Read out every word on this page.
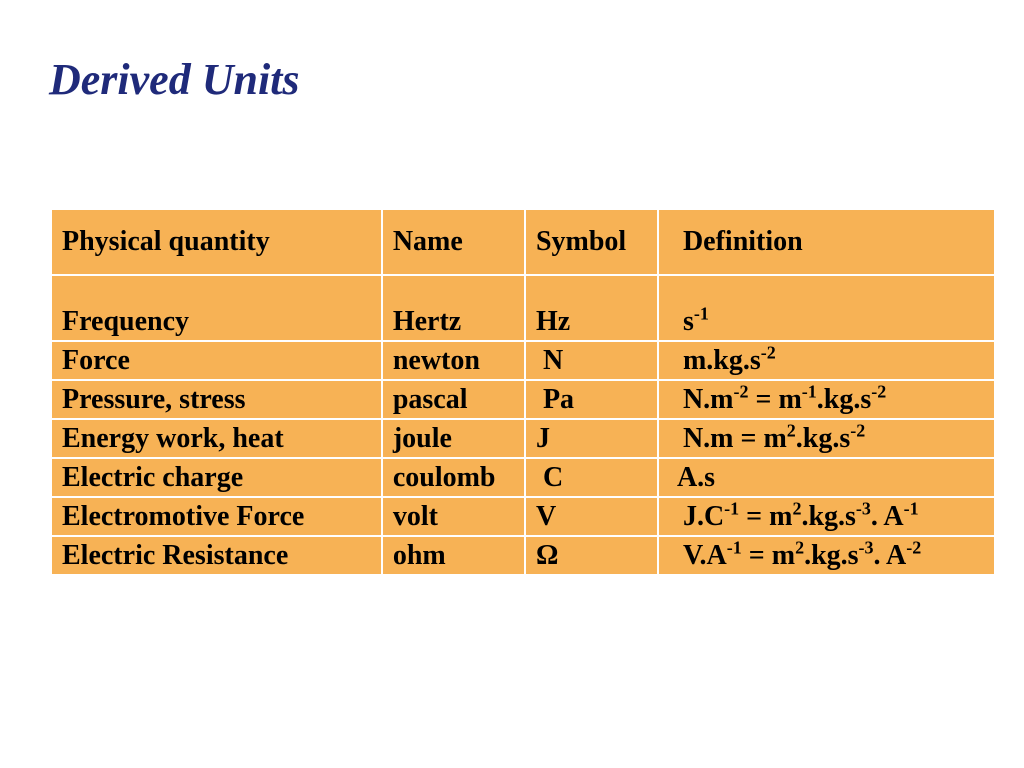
Derived Units
Physical quantity	Name	Symbol	Definition
Frequency	Hertz	Hz	$s^{-1}$
Force	newton	N	$m.kg.s^{-2}$
Pressure, stress	pascal	Pa	$N.m^{-2} = m^{-1}.kg.s^{-2}$
Energy work, heat	joule	J	$N.m = m^2.kg.s^{-2}$
Electric charge	coulomb	C	A.s
Electromotive Force	volt	V	$J.C^{-1} = m^2.kg.s^{-3}$. $A^{-1}$
Electric Resistance	ohm	Ω	$V.A^{-1} = m^2.kg.s^{-3}$. $A^{-2}$
